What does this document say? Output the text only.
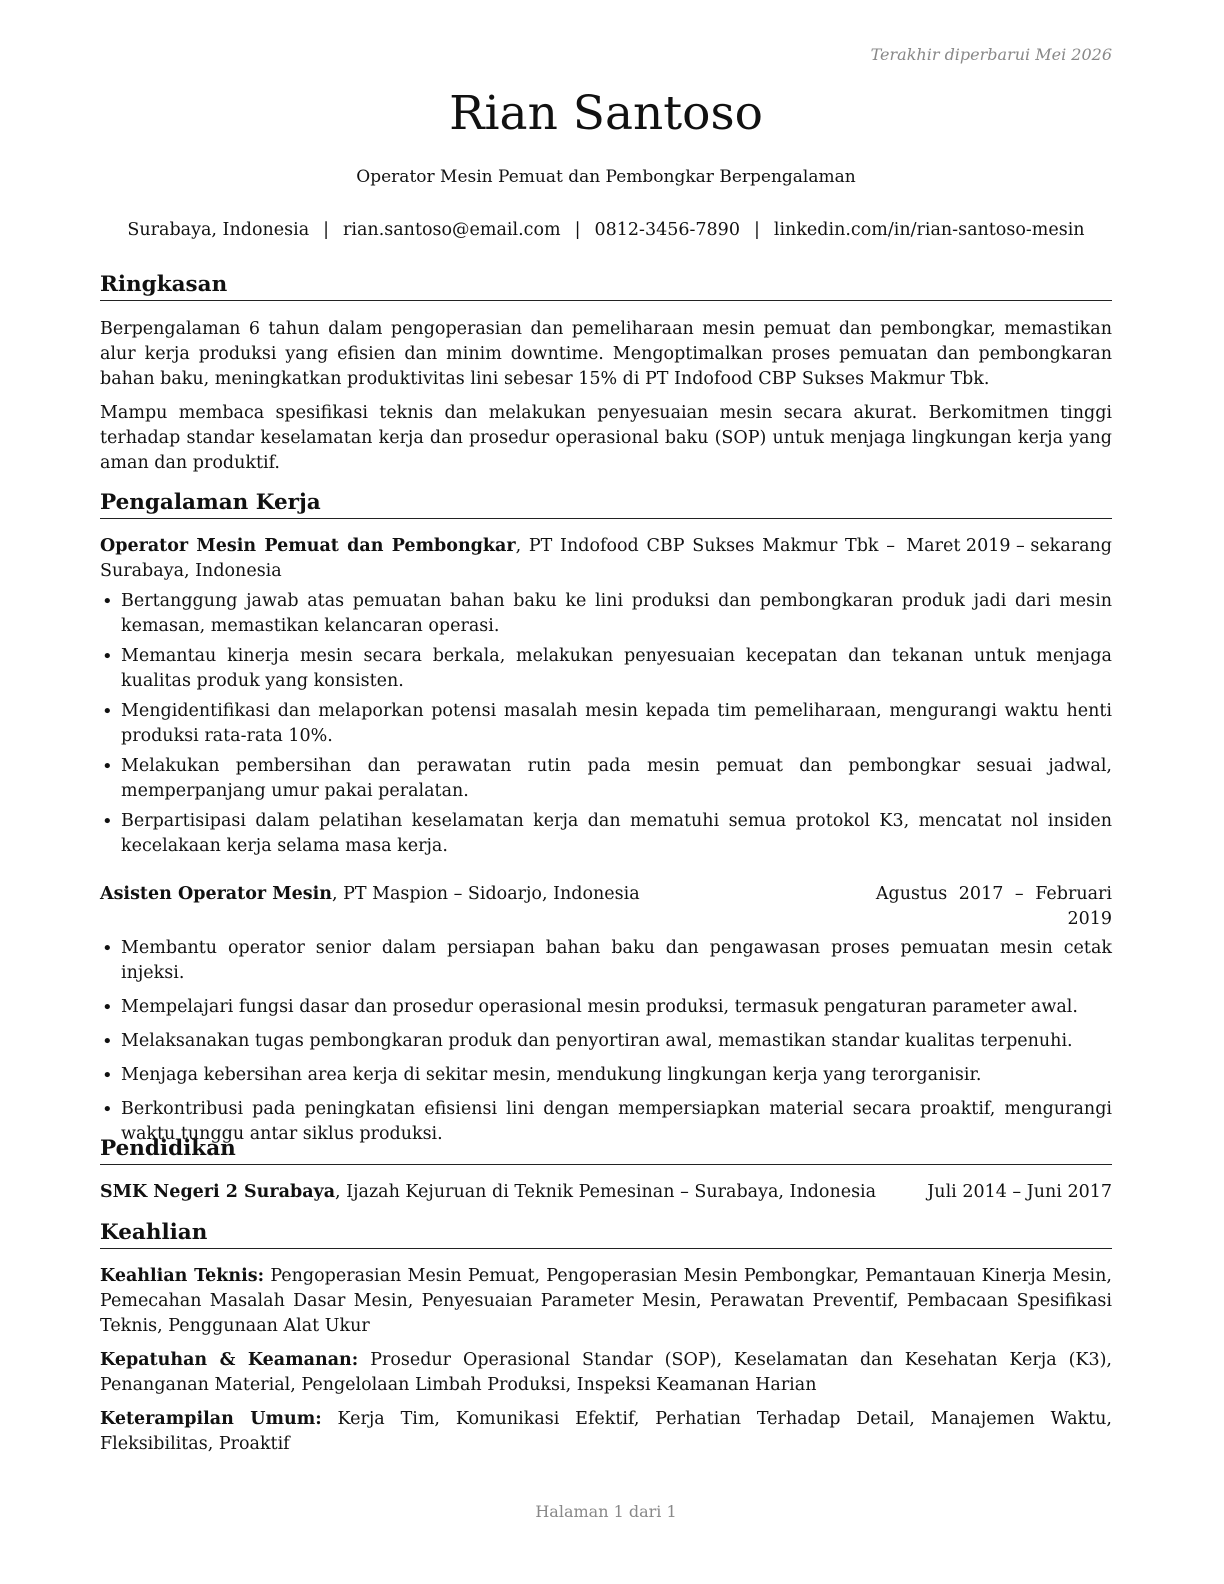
Terakhir diperbarui Mei 2026
Rian Santoso
Operator Mesin Pemuat dan Pembongkar Berpengalaman
Surabaya, Indonesia | rian.santoso@email.com | 0812-3456-7890 | linkedin.com/in/rian-santoso-mesin
Ringkasan

Berpengalaman 6 tahun dalam pengoperasian dan pemeliharaan mesin pemuat dan pembongkar, memastikan alur kerja produksi yang efisien dan minim downtime. Mengoptimalkan proses pemuatan dan pembongkaran bahan baku, meningkatkan produktivitas lini sebesar 15% di PT Indofood CBP Sukses Makmur Tbk.

Mampu membaca spesifikasi teknis dan melakukan penyesuaian mesin secara akurat. Berkomitmen tinggi terhadap standar keselamatan kerja dan prosedur operasional baku (SOP) untuk menjaga lingkungan kerja yang aman dan produktif.

Pengalaman Kerja
Operator Mesin Pemuat dan Pembongkar, PT Indofood CBP Sukses Makmur Tbk – Surabaya, Indonesia
Maret 2019 – sekarang
• Bertanggung jawab atas pemuatan bahan baku ke lini produksi dan pembongkaran produk jadi dari mesin kemasan, memastikan kelancaran operasi.
• Memantau kinerja mesin secara berkala, melakukan penyesuaian kecepatan dan tekanan untuk menjaga kualitas produk yang konsisten.
• Mengidentifikasi dan melaporkan potensi masalah mesin kepada tim pemeliharaan, mengurangi waktu henti produksi rata-rata 10%.
• Melakukan pembersihan dan perawatan rutin pada mesin pemuat dan pembongkar sesuai jadwal, memperpanjang umur pakai peralatan.
• Berpartisipasi dalam pelatihan keselamatan kerja dan mematuhi semua protokol K3, mencatat nol insiden kecelakaan kerja selama masa kerja.
Asisten Operator Mesin, PT Maspion – Sidoarjo, Indonesia	Agustus 2017 – Februari
2019
• Membantu operator senior dalam persiapan bahan baku dan pengawasan proses pemuatan mesin cetak injeksi.
• Mempelajari fungsi dasar dan prosedur operasional mesin produksi, termasuk pengaturan parameter awal.
• Melaksanakan tugas pembongkaran produk dan penyortiran awal, memastikan standar kualitas terpenuhi.
• Menjaga kebersihan area kerja di sekitar mesin, mendukung lingkungan kerja yang terorganisir.
• Berkontribusi pada peningkatan efisiensi lini dengan mempersiapkan material secara proaktif, mengurangi waktu tunggu antar siklus produksi.
Pendidikan
SMK Negeri 2 Surabaya, Ijazah Kejuruan di Teknik Pemesinan – Surabaya, Indonesia	Juli 2014 – Juni 2017
Keahlian

Keahlian Teknis: Pengoperasian Mesin Pemuat, Pengoperasian Mesin Pembongkar, Pemantauan Kinerja Mesin, Pemecahan Masalah Dasar Mesin, Penyesuaian Parameter Mesin, Perawatan Preventif, Pembacaan Spesifikasi Teknis, Penggunaan Alat Ukur

Kepatuhan & Keamanan: Prosedur Operasional Standar (SOP), Keselamatan dan Kesehatan Kerja (K3), Penanganan Material, Pengelolaan Limbah Produksi, Inspeksi Keamanan Harian

Keterampilan Umum: Kerja Tim, Komunikasi Efektif, Perhatian Terhadap Detail, Manajemen Waktu, Fleksibilitas, Proaktif

Halaman 1 dari 1
